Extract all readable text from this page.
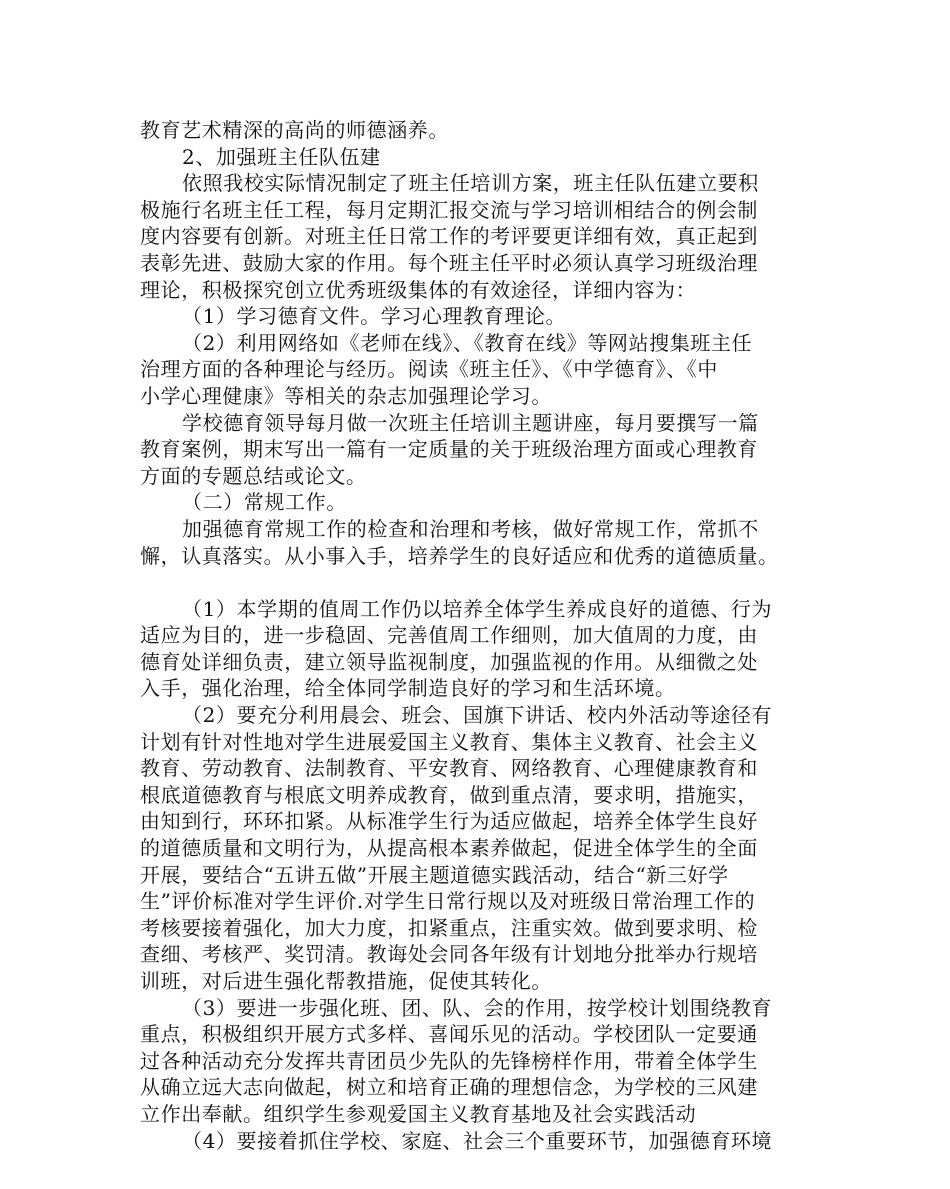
教育艺术精深的高尚的师德涵养。
2、加强班主任队伍建
依照我校实际情况制定了班主任培训方案，班主任队伍建立要积
极施行名班主任工程，每月定期汇报交流与学习培训相结合的例会制
度内容要有创新。对班主任日常工作的考评要更详细有效，真正起到
表彰先进、鼓励大家的作用。每个班主任平时必须认真学习班级治理
理论，积极探究创立优秀班级集体的有效途径，详细内容为：
（1）学习德育文件。学习心理教育理论。
（2）利用网络如《老师在线》、《教育在线》等网站搜集班主任
治理方面的各种理论与经历。阅读《班主任》、《中学德育》、《中
小学心理健康》等相关的杂志加强理论学习。
学校德育领导每月做一次班主任培训主题讲座，每月要撰写一篇
教育案例，期末写出一篇有一定质量的关于班级治理方面或心理教育
方面的专题总结或论文。
（二）常规工作。
加强德育常规工作的检查和治理和考核，做好常规工作，常抓不
懈，认真落实。从小事入手，培养学生的良好适应和优秀的道德质量。
（1）本学期的值周工作仍以培养全体学生养成良好的道德、行为
适应为目的，进一步稳固、完善值周工作细则，加大值周的力度，由
德育处详细负责，建立领导监视制度，加强监视的作用。从细微之处
入手，强化治理，给全体同学制造良好的学习和生活环境。
（2）要充分利用晨会、班会、国旗下讲话、校内外活动等途径有
计划有针对性地对学生进展爱国主义教育、集体主义教育、社会主义
教育、劳动教育、法制教育、平安教育、网络教育、心理健康教育和
根底道德教育与根底文明养成教育，做到重点清，要求明，措施实，
由知到行，环环扣紧。从标准学生行为适应做起，培养全体学生良好
的道德质量和文明行为，从提高根本素养做起，促进全体学生的全面
开展，要结合“五讲五做”开展主题道德实践活动，结合“新三好学
生”评价标准对学生评价.对学生日常行规以及对班级日常治理工作的
考核要接着强化，加大力度，扣紧重点，注重实效。做到要求明、检
查细、考核严、奖罚清。教诲处会同各年级有计划地分批举办行规培
训班，对后进生强化帮教措施，促使其转化。
（3）要进一步强化班、团、队、会的作用，按学校计划围绕教育
重点，积极组织开展方式多样、喜闻乐见的活动。学校团队一定要通
过各种活动充分发挥共青团员少先队的先锋榜样作用，带着全体学生
从确立远大志向做起，树立和培育正确的理想信念，为学校的三风建
立作出奉献。组织学生参观爱国主义教育基地及社会实践活动
（4）要接着抓住学校、家庭、社会三个重要环节，加强德育环境
